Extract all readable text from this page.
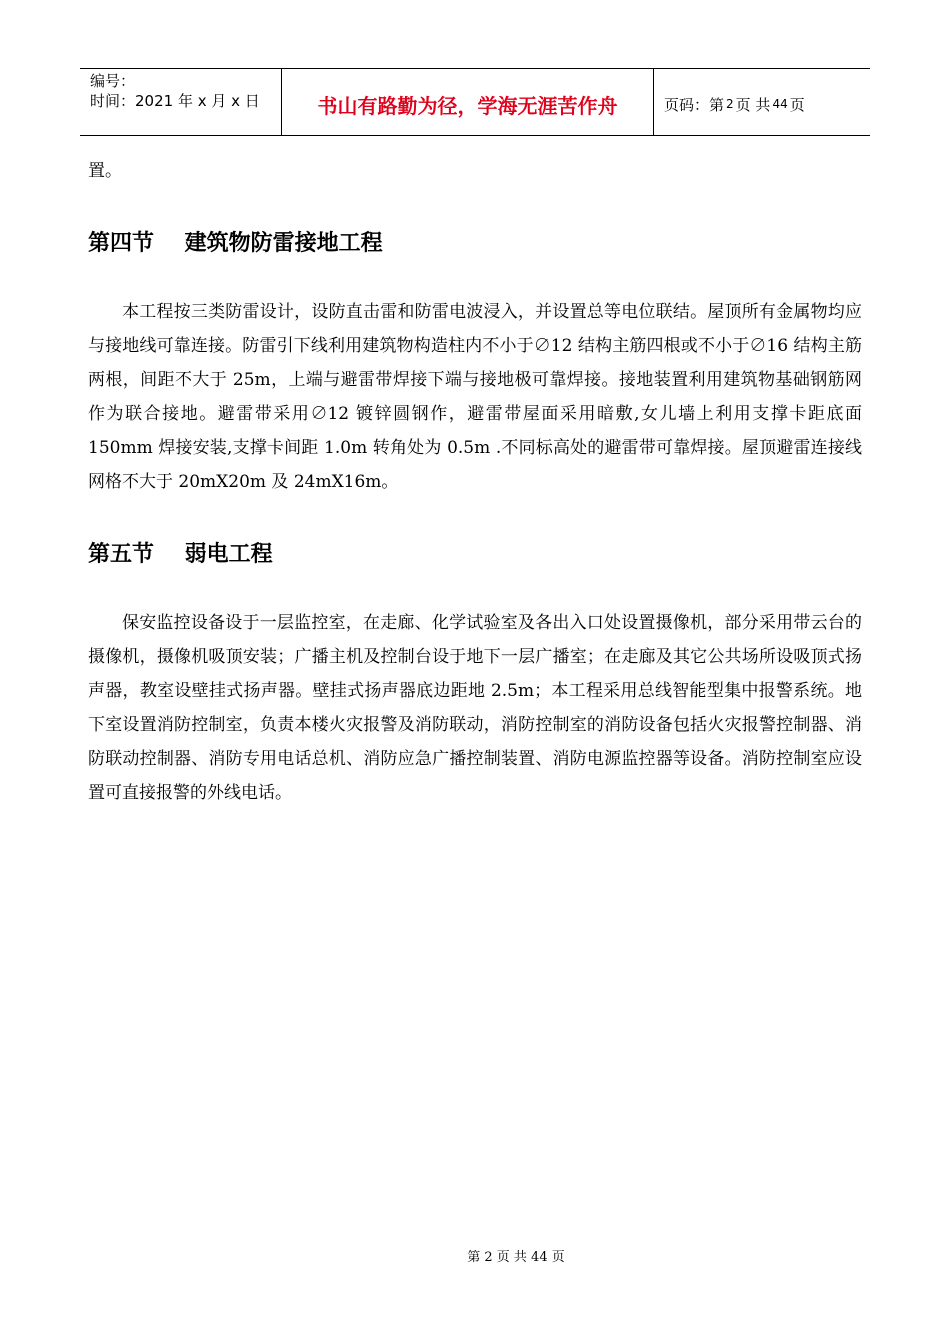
编号：
时间：2021 年 x 月 x 日	书山有路勤为径，学海无涯苦作舟	页码：第 2 页 共 44 页

置。

第四节    建筑物防雷接地工程

本工程按三类防雷设计，设防直击雷和防雷电波浸入，并设置总等电位联结。屋顶所有金属物均应与接地线可靠连接。防雷引下线利用建筑物构造柱内不小于∅12 结构主筋四根或不小于∅16 结构主筋两根，间距不大于 25m，上端与避雷带焊接下端与接地极可靠焊接。接地装置利用建筑物基础钢筋网作为联合接地。避雷带采用∅12 镀锌圆钢作，避雷带屋面采用暗敷,女儿墙上利用支撑卡距底面 150mm 焊接安装,支撑卡间距 1.0m 转角处为 0.5m .不同标高处的避雷带可靠焊接。屋顶避雷连接线网格不大于 20mX20m 及 24mX16m。

第五节    弱电工程

保安监控设备设于一层监控室，在走廊、化学试验室及各出入口处设置摄像机，部分采用带云台的摄像机，摄像机吸顶安装；广播主机及控制台设于地下一层广播室；在走廊及其它公共场所设吸顶式扬声器，教室设壁挂式扬声器。壁挂式扬声器底边距地 2.5m；本工程采用总线智能型集中报警系统。地下室设置消防控制室，负责本楼火灾报警及消防联动，消防控制室的消防设备包括火灾报警控制器、消防联动控制器、消防专用电话总机、消防应急广播控制装置、消防电源监控器等设备。消防控制室应设置可直接报警的外线电话。

第 2 页 共 44 页
